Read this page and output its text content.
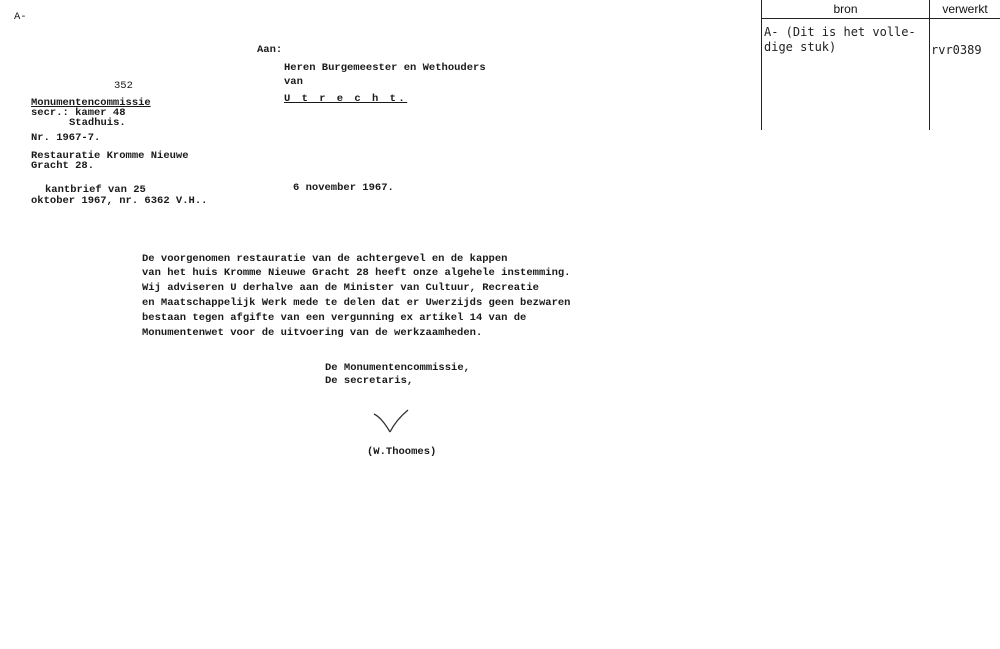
A-
bron	verwerkt
A- (Dit is het volle-
dige stuk)	rvr0389
Aan:
Heren Burgemeester en Wethouders
van
U t r e c h t.
352
Monumentencommissie
secr.: kamer 48
Stadhuis.
Nr. 1967-7.
Restauratie Kromme Nieuwe
Gracht 28.
kantbrief van 25
oktober 1967, nr. 6362 V.H..
6 november 1967.
De voorgenomen restauratie van de achtergevel en de kappen
van het huis Kromme Nieuwe Gracht 28 heeft onze algehele instemming.
Wij adviseren U derhalve aan de Minister van Cultuur, Recreatie
en Maatschappelijk Werk mede te delen dat er Uwerzijds geen bezwaren
bestaan tegen afgifte van een vergunning ex artikel 14 van de
Monumentenwet voor de uitvoering van de werkzaamheden.
De Monumentencommissie,
De secretaris,
(W.Thoomes)
